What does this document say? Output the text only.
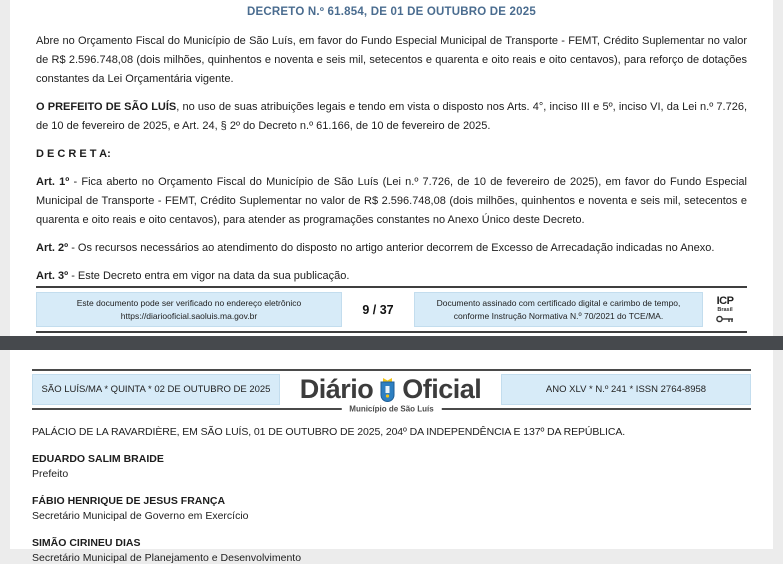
DECRETO N.º 61.854, DE 01 DE OUTUBRO DE 2025

Abre no Orçamento Fiscal do Município de São Luís, em favor do Fundo Especial Municipal de Transporte - FEMT, Crédito Suplementar no valor de R$ 2.596.748,08 (dois milhões, quinhentos e noventa e seis mil, setecentos e quarenta e oito reais e oito centavos), para reforço de dotações constantes da Lei Orçamentária vigente.

O PREFEITO DE SÃO LUÍS, no uso de suas atribuições legais e tendo em vista o disposto nos Arts. 4°, inciso III e 5º, inciso VI, da Lei n.º 7.726, de 10 de fevereiro de 2025, e Art. 24, § 2º do Decreto n.º 61.166, de 10 de fevereiro de 2025.

D E C R E T A:

Art. 1º - Fica aberto no Orçamento Fiscal do Município de São Luís (Lei n.º 7.726, de 10 de fevereiro de 2025), em favor do Fundo Especial Municipal de Transporte - FEMT, Crédito Suplementar no valor de R$ 2.596.748,08 (dois milhões, quinhentos e noventa e seis mil, setecentos e quarenta e oito reais e oito centavos), para atender as programações constantes no Anexo Único deste Decreto.

Art. 2º - Os recursos necessários ao atendimento do disposto no artigo anterior decorrem de Excesso de Arrecadação indicadas no Anexo.

Art. 3º - Este Decreto entra em vigor na data da sua publicação.

Este documento pode ser verificado no endereço eletrônico
https://diariooficial.saoluis.ma.gov.br	9 / 37	Documento assinado com certificado digital e carimbo de tempo,
conforme Instrução Normativa N.º 70/2021 do TCE/MA.
ICP
Brasil
SÃO LUÍS/MA * QUINTA * 02 DE OUTUBRO DE 2025	Diário Oficial	ANO XLV * N.º 241 * ISSN 2764-8958
Município de São Luís

PALÁCIO DE LA RAVARDIÈRE, EM SÃO LUÍS, 01 DE OUTUBRO DE 2025, 204º DA INDEPENDÊNCIA E 137º DA REPÚBLICA.

EDUARDO SALIM BRAIDE
Prefeito
FÁBIO HENRIQUE DE JESUS FRANÇA
Secretário Municipal de Governo em Exercício
SIMÃO CIRINEU DIAS
Secretário Municipal de Planejamento e Desenvolvimento
